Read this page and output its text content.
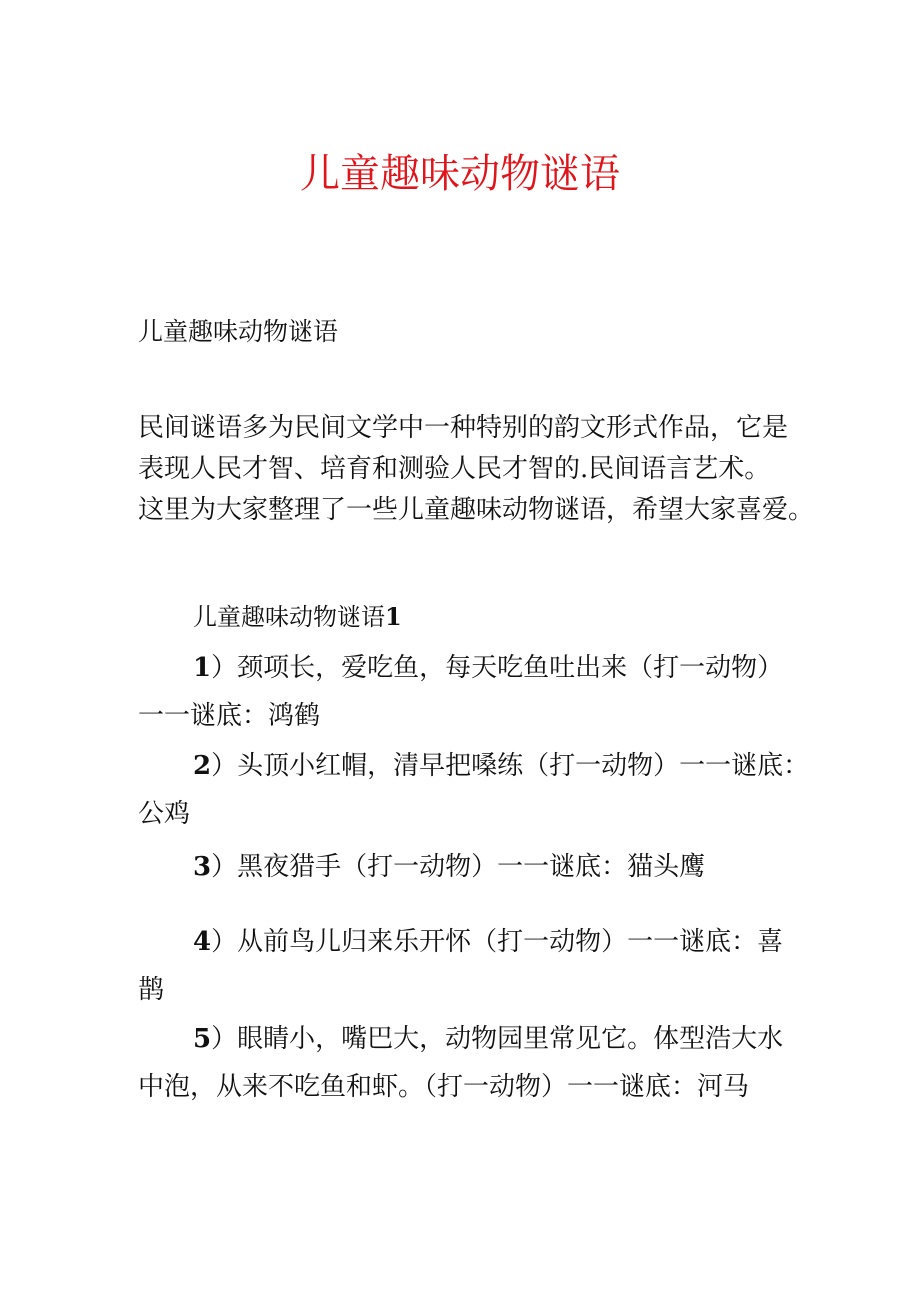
儿童趣味动物谜语

儿童趣味动物谜语

民间谜语多为民间文学中一种特别的韵文形式作品，它是
表现人民才智、培育和测验人民才智的.民间语言艺术。
这里为大家整理了一些儿童趣味动物谜语，希望大家喜爱。

儿童趣味动物谜语1

1）颈项长，爱吃鱼，每天吃鱼吐出来（打一动物）
一一谜底：鸿鹤

2）头顶小红帽，清早把嗓练（打一动物）一一谜底：
公鸡

3）黑夜猎手（打一动物）一一谜底：猫头鹰

4）从前鸟儿归来乐开怀（打一动物）一一谜底：喜
鹊

5）眼睛小，嘴巴大，动物园里常见它。体型浩大水
中泡，从来不吃鱼和虾。（打一动物）一一谜底：河马
